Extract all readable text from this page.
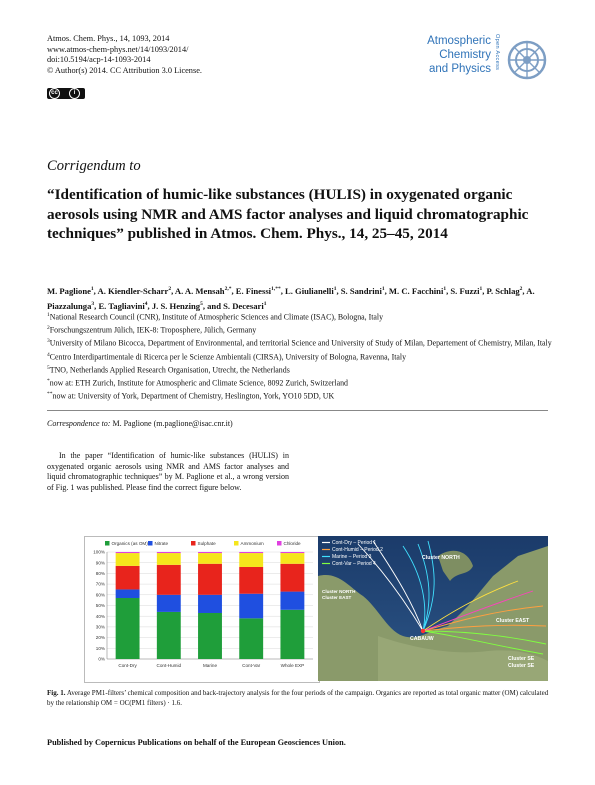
Atmos. Chem. Phys., 14, 1093, 2014
www.atmos-chem-phys.net/14/1093/2014/
doi:10.5194/acp-14-1093-2014
© Author(s) 2014. CC Attribution 3.0 License.
cc	i
Atmospheric
Chemistry
and Physics Open Access
Corrigendum to
“Identification of humic-like substances (HULIS) in oxygenated organic aerosols using NMR and AMS factor analyses and liquid chromatographic techniques” published in Atmos. Chem. Phys., 14, 25–45, 2014
M. Paglione$^1$, A. Kiendler-Scharr$^2$, A. A. Mensah$^{2,*}$, E. Finessi$^{1,**}$, L. Giulianelli$^1$, S. Sandrini$^1$, M. C. Facchini$^1$, S. Fuzzi$^1$, P. Schlag$^2$, A. Piazzalunga$^3$, E. Tagliavini$^4$, J. S. Henzing$^5$, and S. Decesari$^1$

$^1$National Research Council (CNR), Institute of Atmospheric Sciences and Climate (ISAC), Bologna, Italy

$^2$Forschungszentrum Jülich, IEK-8: Troposphere, Jülich, Germany

$^3$University of Milano Bicocca, Department of Environmental, and territorial Science and University of Study of Milan, Departement of Chemistry, Milan, Italy

$^4$Centro Interdipartimentale di Ricerca per le Scienze Ambientali (CIRSA), University of Bologna, Ravenna, Italy

$^5$TNO, Netherlands Applied Research Organisation, Utrecht, the Netherlands

*now at: ETH Zurich, Institute for Atmospheric and Climate Science, 8092 Zurich, Switzerland

**now at: University of York, Department of Chemistry, Heslington, York, YO10 5DD, UK

Correspondence to: M. Paglione (m.paglione@isac.cnr.it)
In the paper “Identification of humic-like substances (HULIS) in oxygenated organic aerosols using NMR and AMS factor analyses and liquid chromatographic techniques” by M. Paglione et al., a wrong version of Fig. 1 was published. Please find the correct figure below.
0%
10%
20%
30%
40%
50%
60%
70%
80%
90%
100%
Cont-Dry	Cont-Humid	Marine	Cont-Var	Whole EXP
Organics (as OM) Nitrate	Sulphate	Ammonium	Chloride	Cont-Dry – Period 1
Cont-Humid – Period 2
Marine – Period 3
Cont-Var – Period 4
Cluster NORTH
Cluster NORTH
Cluster EAST
Cluster EAST
CABAUW
Cluster SE
Cluster SE
Fig. 1. Average PM1-filters’ chemical composition and back-trajectory analysis for the four periods of the campaign. Organics are reported as total organic matter (OM) calculated by the relationship OM = OC(PM1 filters) · 1.6.
Published by Copernicus Publications on behalf of the European Geosciences Union.
